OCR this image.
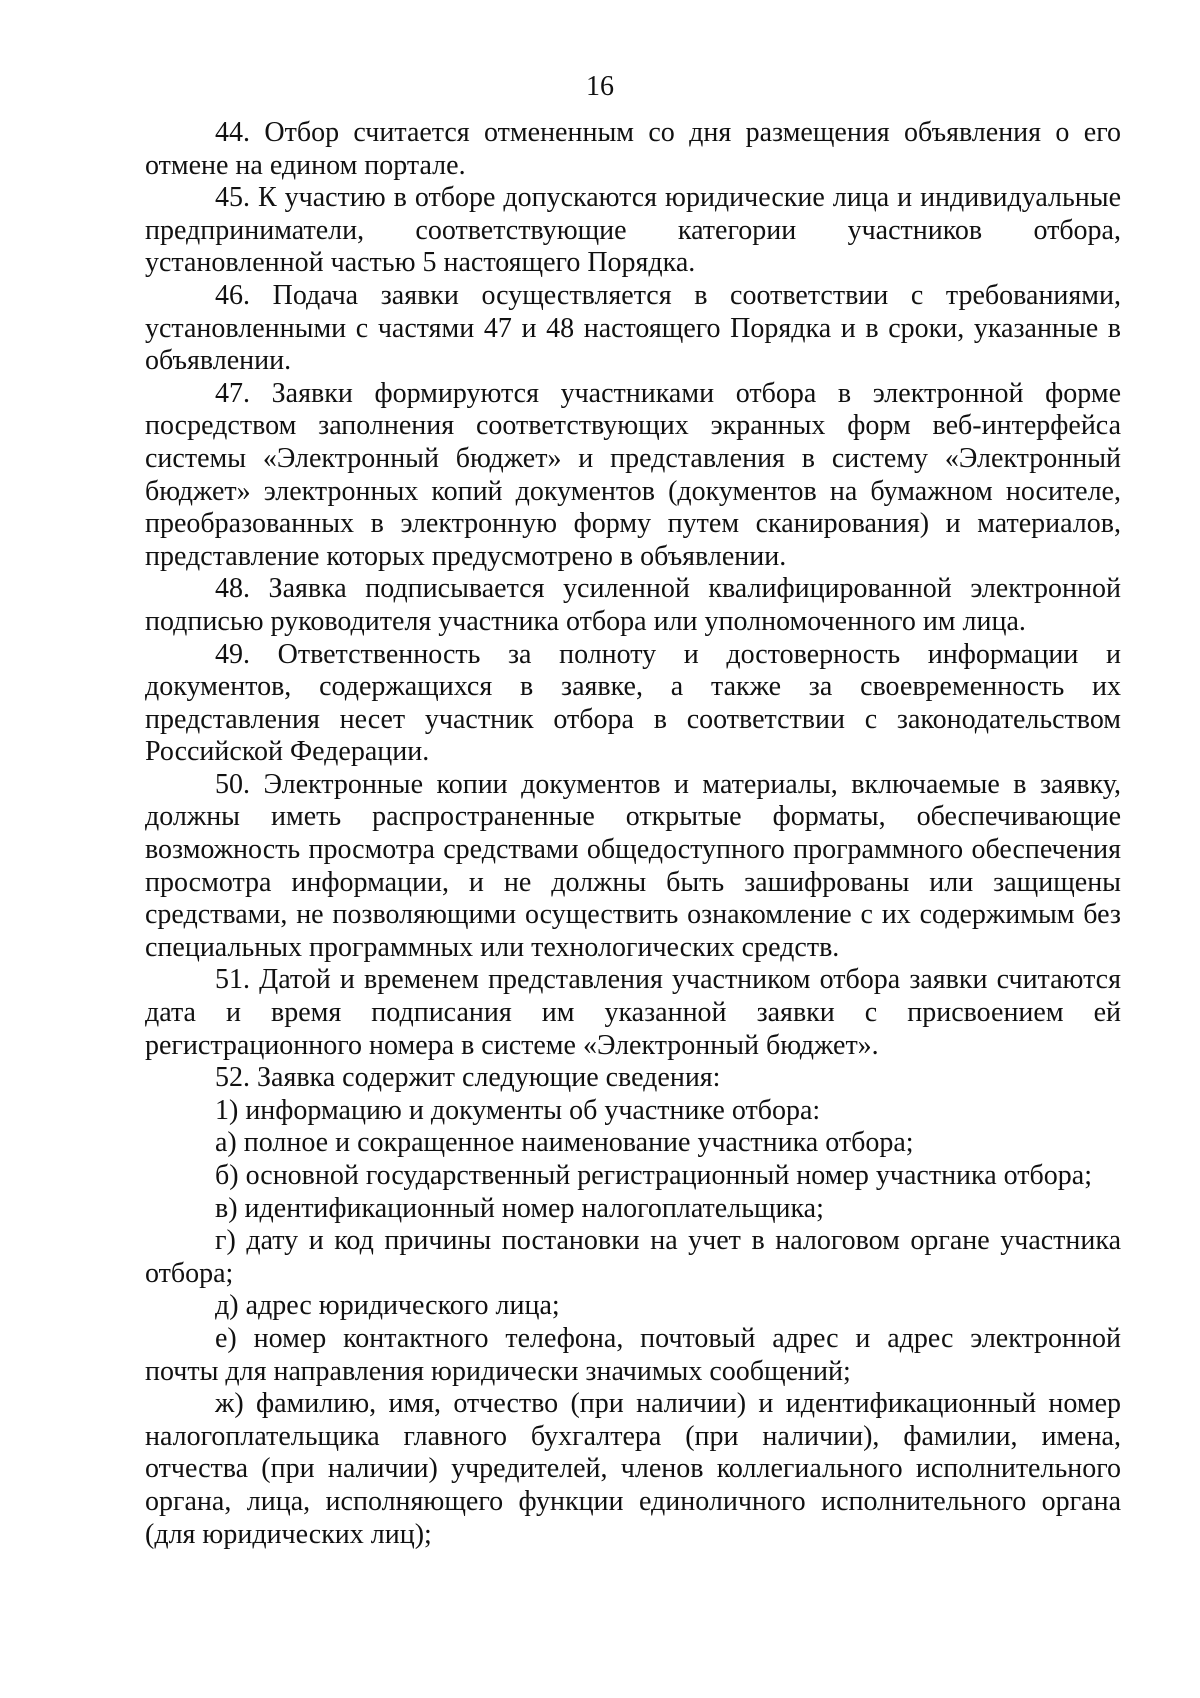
16

44. Отбор считается отмененным со дня размещения объявления о его отмене на едином портале.

45. К участию в отборе допускаются юридические лица и индивидуальные предприниматели, соответствующие категории участников отбора, установленной частью 5 настоящего Порядка.

46. Подача заявки осуществляется в соответствии с требованиями, установленными с частями 47 и 48 настоящего Порядка и в сроки, указанные в объявлении.

47. Заявки формируются участниками отбора в электронной форме посредством заполнения соответствующих экранных форм веб-интерфейса системы «Электронный бюджет» и представления в систему «Электронный бюджет» электронных копий документов (документов на бумажном носителе, преобразованных в электронную форму путем сканирования) и материалов, представление которых предусмотрено в объявлении.

48. Заявка подписывается усиленной квалифицированной электронной подписью руководителя участника отбора или уполномоченного им лица.

49. Ответственность за полноту и достоверность информации и документов, содержащихся в заявке, а также за своевременность их представления несет участник отбора в соответствии с законодательством Российской Федерации.

50. Электронные копии документов и материалы, включаемые в заявку, должны иметь распространенные открытые форматы, обеспечивающие возможность просмотра средствами общедоступного программного обеспечения просмотра информации, и не должны быть зашифрованы или защищены средствами, не позволяющими осуществить ознакомление с их содержимым без специальных программных или технологических средств.

51. Датой и временем представления участником отбора заявки считаются дата и время подписания им указанной заявки с присвоением ей регистрационного номера в системе «Электронный бюджет».

52. Заявка содержит следующие сведения:

1) информацию и документы об участнике отбора:

а) полное и сокращенное наименование участника отбора;

б) основной государственный регистрационный номер участника отбора;

в) идентификационный номер налогоплательщика;

г) дату и код причины постановки на учет в налоговом органе участника отбора;

д) адрес юридического лица;

е) номер контактного телефона, почтовый адрес и адрес электронной почты для направления юридически значимых сообщений;

ж) фамилию, имя, отчество (при наличии) и идентификационный номер налогоплательщика главного бухгалтера (при наличии), фамилии, имена, отчества (при наличии) учредителей, членов коллегиального исполнительного органа, лица, исполняющего функции единоличного исполнительного органа (для юридических лиц);
